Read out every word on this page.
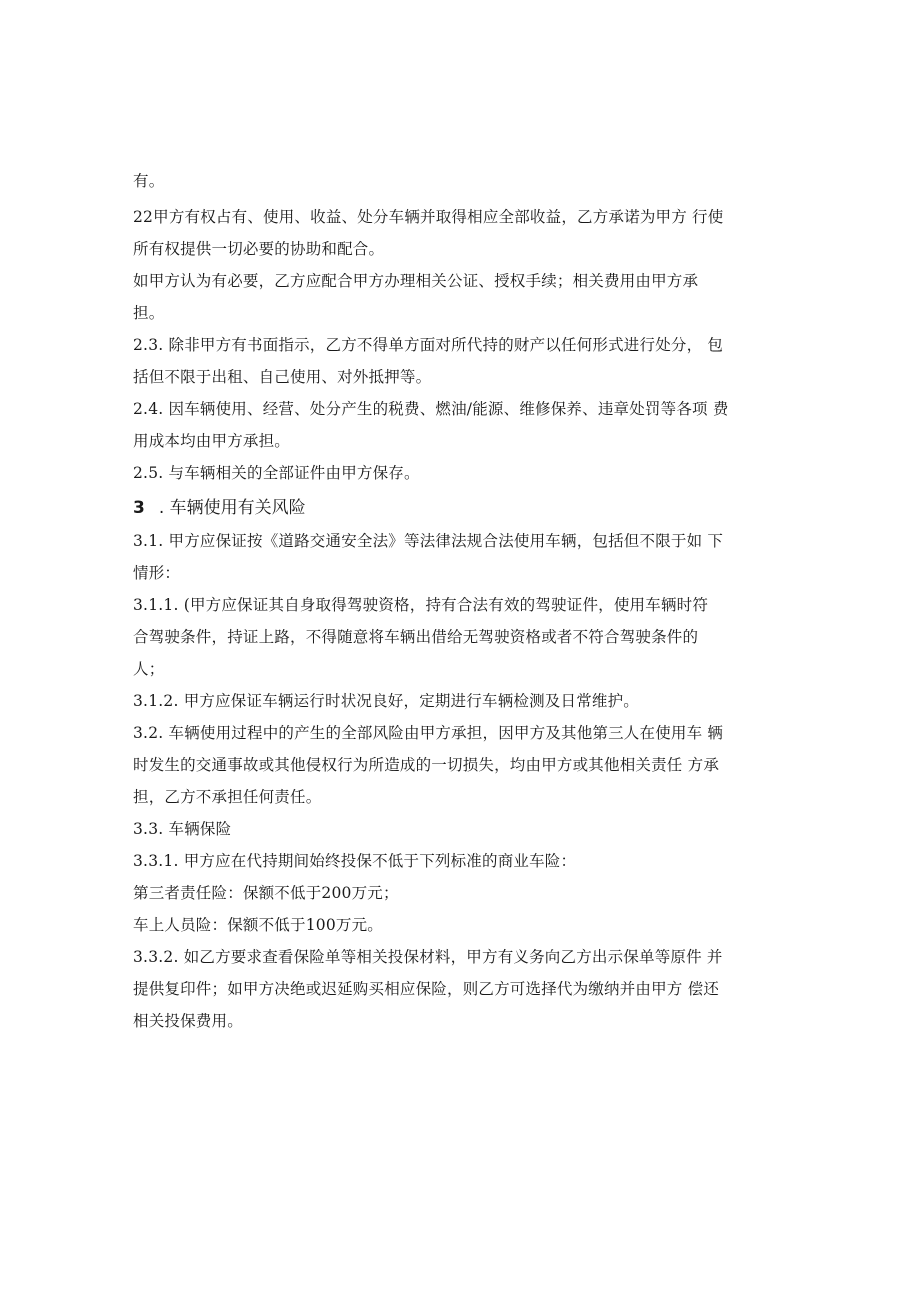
有。
22甲方有权占有、使用、收益、处分车辆并取得相应全部收益，乙方承诺为甲方 行使
所有权提供一切必要的协助和配合。
如甲方认为有必要，乙方应配合甲方办理相关公证、授权手续；相关费用由甲方承
担。
2.3. 除非甲方有书面指示，乙方不得单方面对所代持的财产以任何形式进行处分， 包
括但不限于出租、自己使用、对外抵押等。
2.4. 因车辆使用、经营、处分产生的税费、燃油/能源、维修保养、违章处罚等各项 费
用成本均由甲方承担。
2.5. 与车辆相关的全部证件由甲方保存。
3 . 车辆使用有关风险
3.1. 甲方应保证按《道路交通安全法》等法律法规合法使用车辆，包括但不限于如 下
情形：
3.1.1. (甲方应保证其自身取得驾驶资格，持有合法有效的驾驶证件，使用车辆时符
合驾驶条件，持证上路，不得随意将车辆出借给无驾驶资格或者不符合驾驶条件的
人；
3.1.2. 甲方应保证车辆运行时状况良好，定期进行车辆检测及日常维护。
3.2. 车辆使用过程中的产生的全部风险由甲方承担，因甲方及其他第三人在使用车 辆
时发生的交通事故或其他侵权行为所造成的一切损失，均由甲方或其他相关责任 方承
担，乙方不承担任何责任。
3.3. 车辆保险
3.3.1. 甲方应在代持期间始终投保不低于下列标准的商业车险：
第三者责任险：保额不低于200万元；
车上人员险：保额不低于100万元。
3.3.2. 如乙方要求查看保险单等相关投保材料，甲方有义务向乙方出示保单等原件 并
提供复印件；如甲方决绝或迟延购买相应保险，则乙方可选择代为缴纳并由甲方 偿还
相关投保费用。
